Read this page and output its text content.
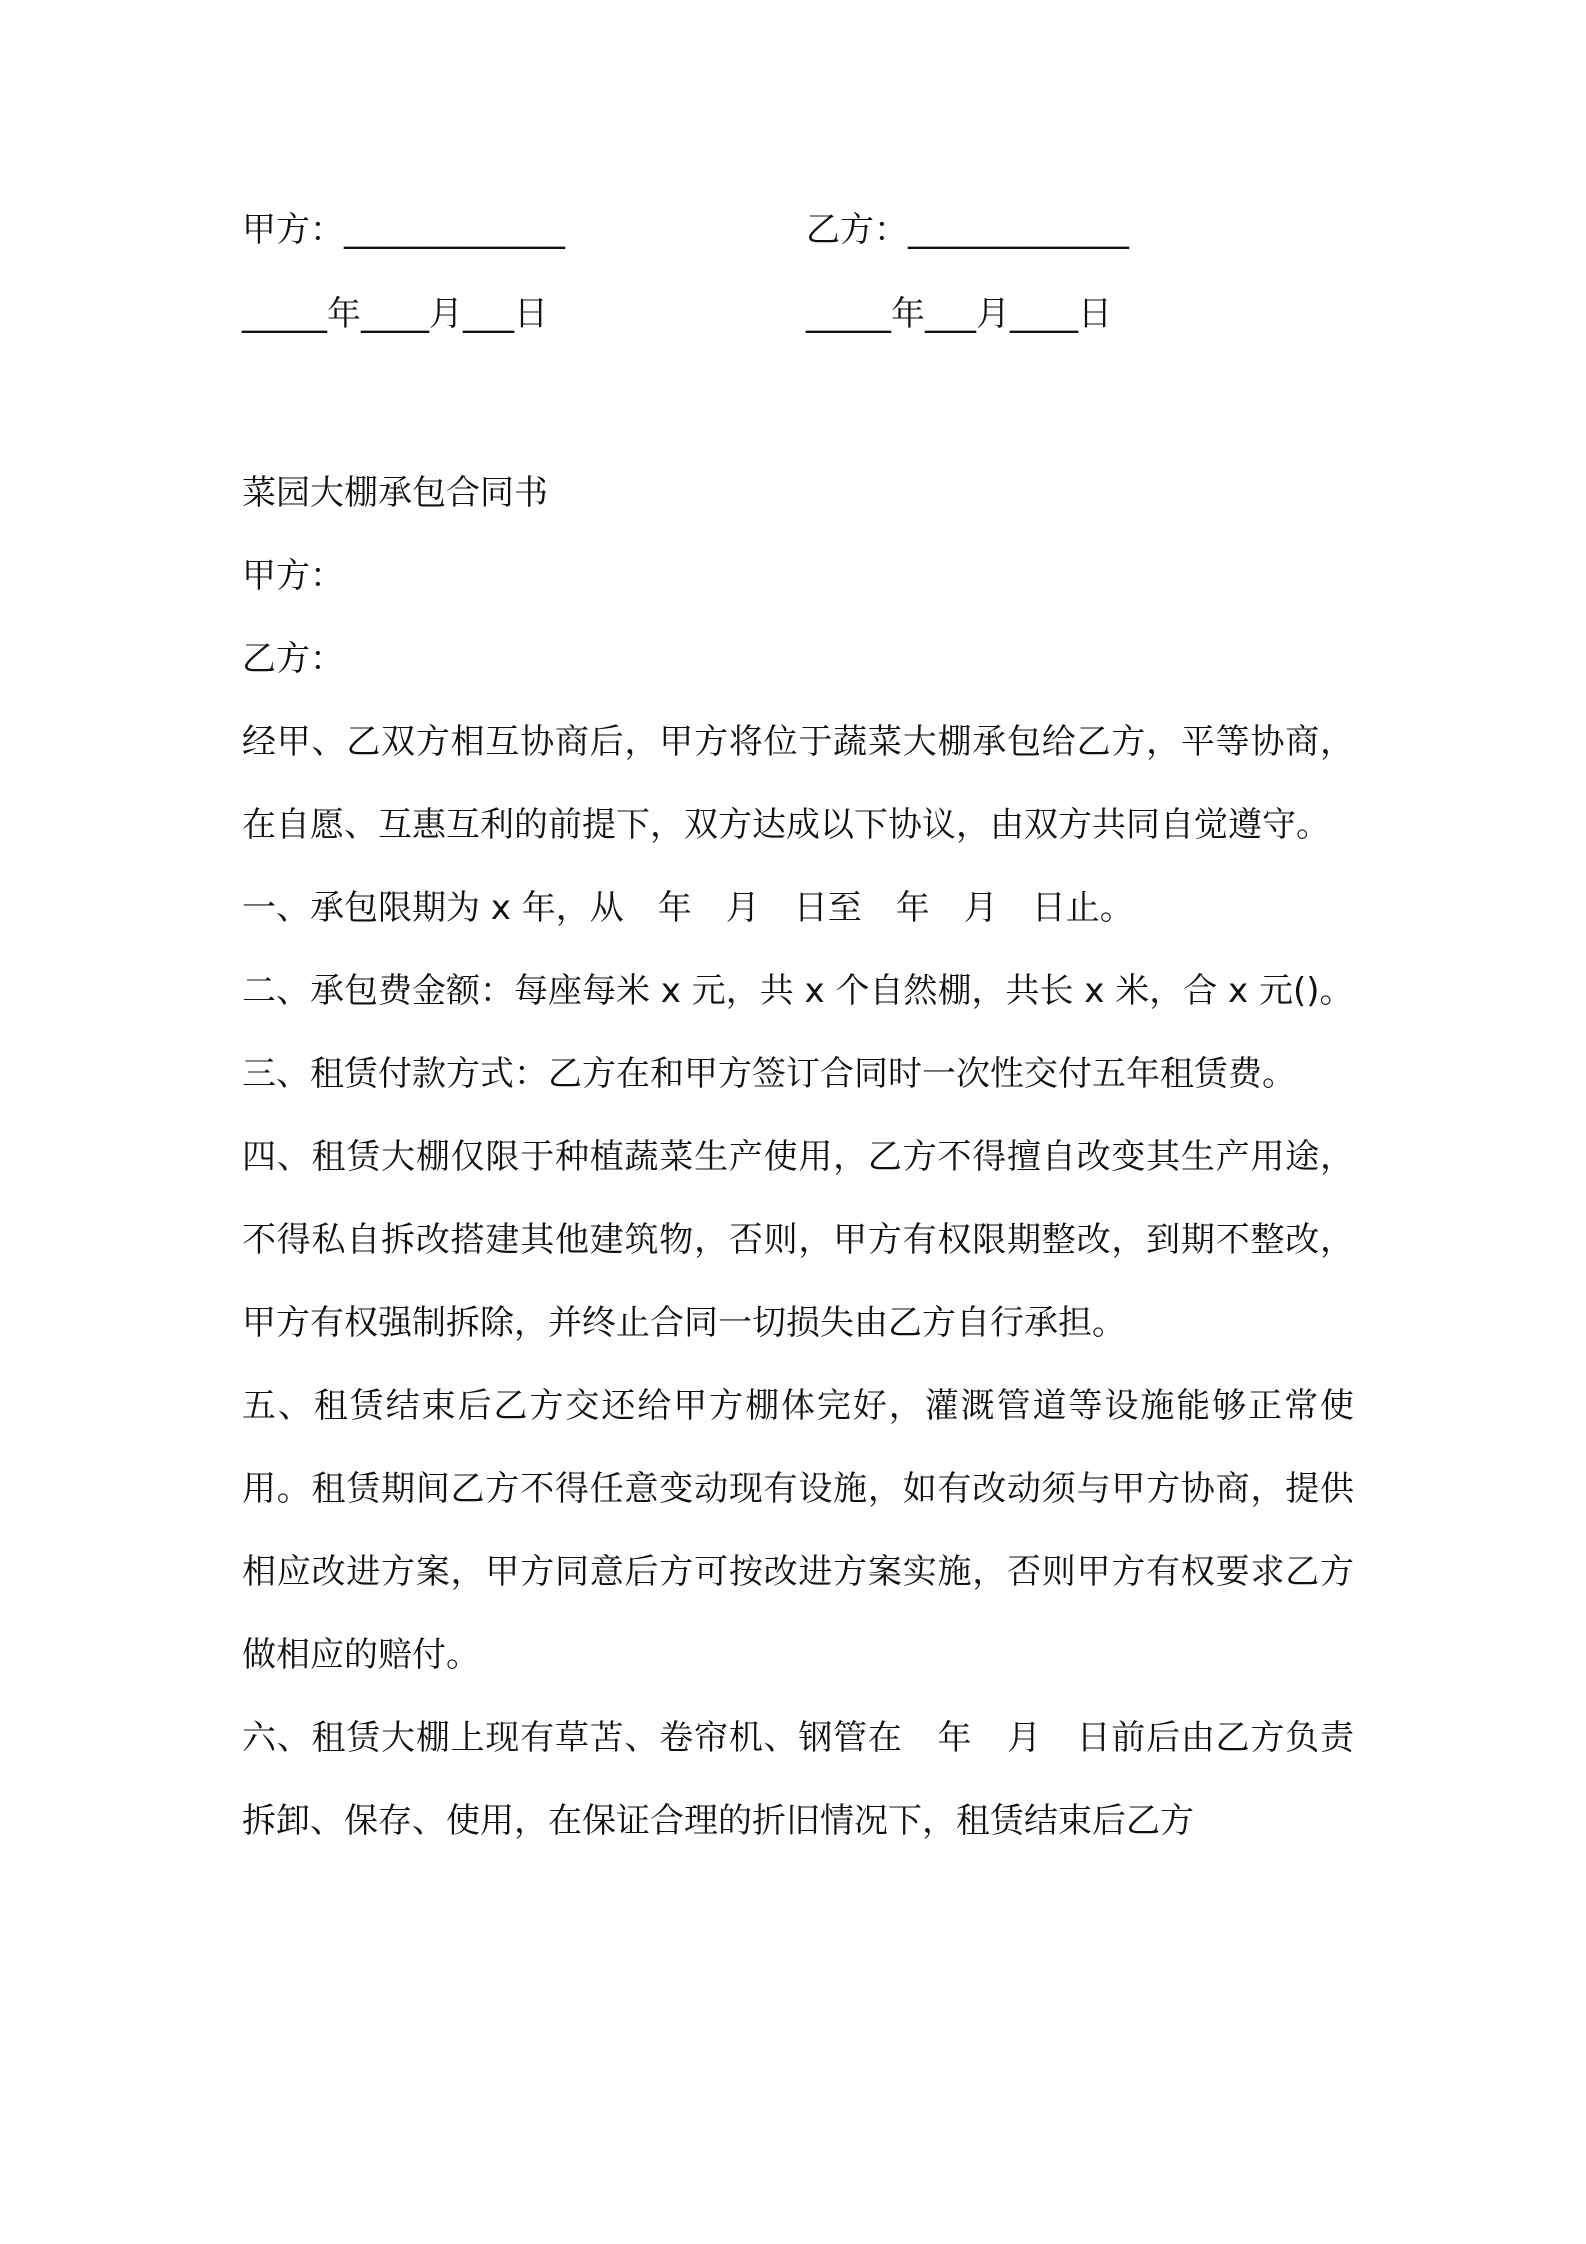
甲方：_____________	乙方：_____________
_____年____月___日	_____年___月____日

菜园大棚承包合同书

甲方：

乙方：

经甲、乙双方相互协商后，甲方将位于蔬菜大棚承包给乙方，平等协商，在自愿、互惠互利的前提下，双方达成以下协议，由双方共同自觉遵守。

一、承包限期为 x 年，从　年　月　日至　年　月　日止。

二、承包费金额：每座每米 x 元，共 x 个自然棚，共长 x 米，合 x 元()。

三、租赁付款方式：乙方在和甲方签订合同时一次性交付五年租赁费。

四、租赁大棚仅限于种植蔬菜生产使用，乙方不得擅自改变其生产用途，不得私自拆改搭建其他建筑物，否则，甲方有权限期整改，到期不整改，甲方有权强制拆除，并终止合同一切损失由乙方自行承担。

五、租赁结束后乙方交还给甲方棚体完好，灌溉管道等设施能够正常使用。租赁期间乙方不得任意变动现有设施，如有改动须与甲方协商，提供相应改进方案，甲方同意后方可按改进方案实施，否则甲方有权要求乙方做相应的赔付。

六、租赁大棚上现有草苫、卷帘机、钢管在　年　月　日前后由乙方负责拆卸、保存、使用，在保证合理的折旧情况下，租赁结束后乙方
